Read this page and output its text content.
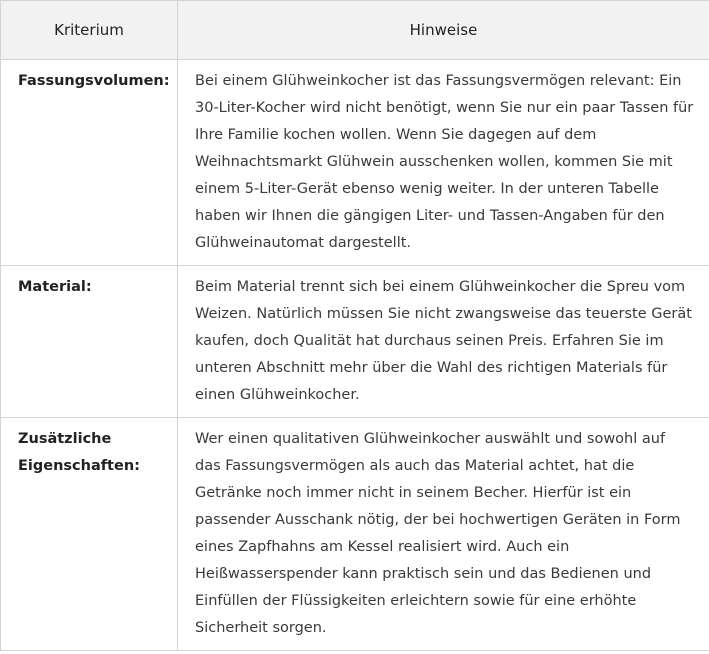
Kriterium	Hinweise
Fassungsvolumen:	Bei einem Glühweinkocher ist das Fassungsvermögen relevant: Ein 30-Liter-Kocher wird nicht benötigt, wenn Sie nur ein paar Tassen für Ihre Familie kochen wollen. Wenn Sie dagegen auf dem Weihnachtsmarkt Glühwein ausschenken wollen, kommen Sie mit einem 5-Liter-Gerät ebenso wenig weiter. In der unteren Tabelle haben wir Ihnen die gängigen Liter- und Tassen-Angaben für den Glühweinautomat dargestellt.
Material:	Beim Material trennt sich bei einem Glühweinkocher die Spreu vom Weizen. Natürlich müssen Sie nicht zwangsweise das teuerste Gerät kaufen, doch Qualität hat durchaus seinen Preis. Erfahren Sie im unteren Abschnitt mehr über die Wahl des richtigen Materials für einen Glühweinkocher.
Zusätzliche Eigenschaften:	Wer einen qualitativen Glühweinkocher auswählt und sowohl auf das Fassungsvermögen als auch das Material achtet, hat die Getränke noch immer nicht in seinem Becher. Hierfür ist ein passender Ausschank nötig, der bei hochwertigen Geräten in Form eines Zapfhahns am Kessel realisiert wird. Auch ein Heißwasserspender kann praktisch sein und das Bedienen und Einfüllen der Flüssigkeiten erleichtern sowie für eine erhöhte Sicherheit sorgen.
